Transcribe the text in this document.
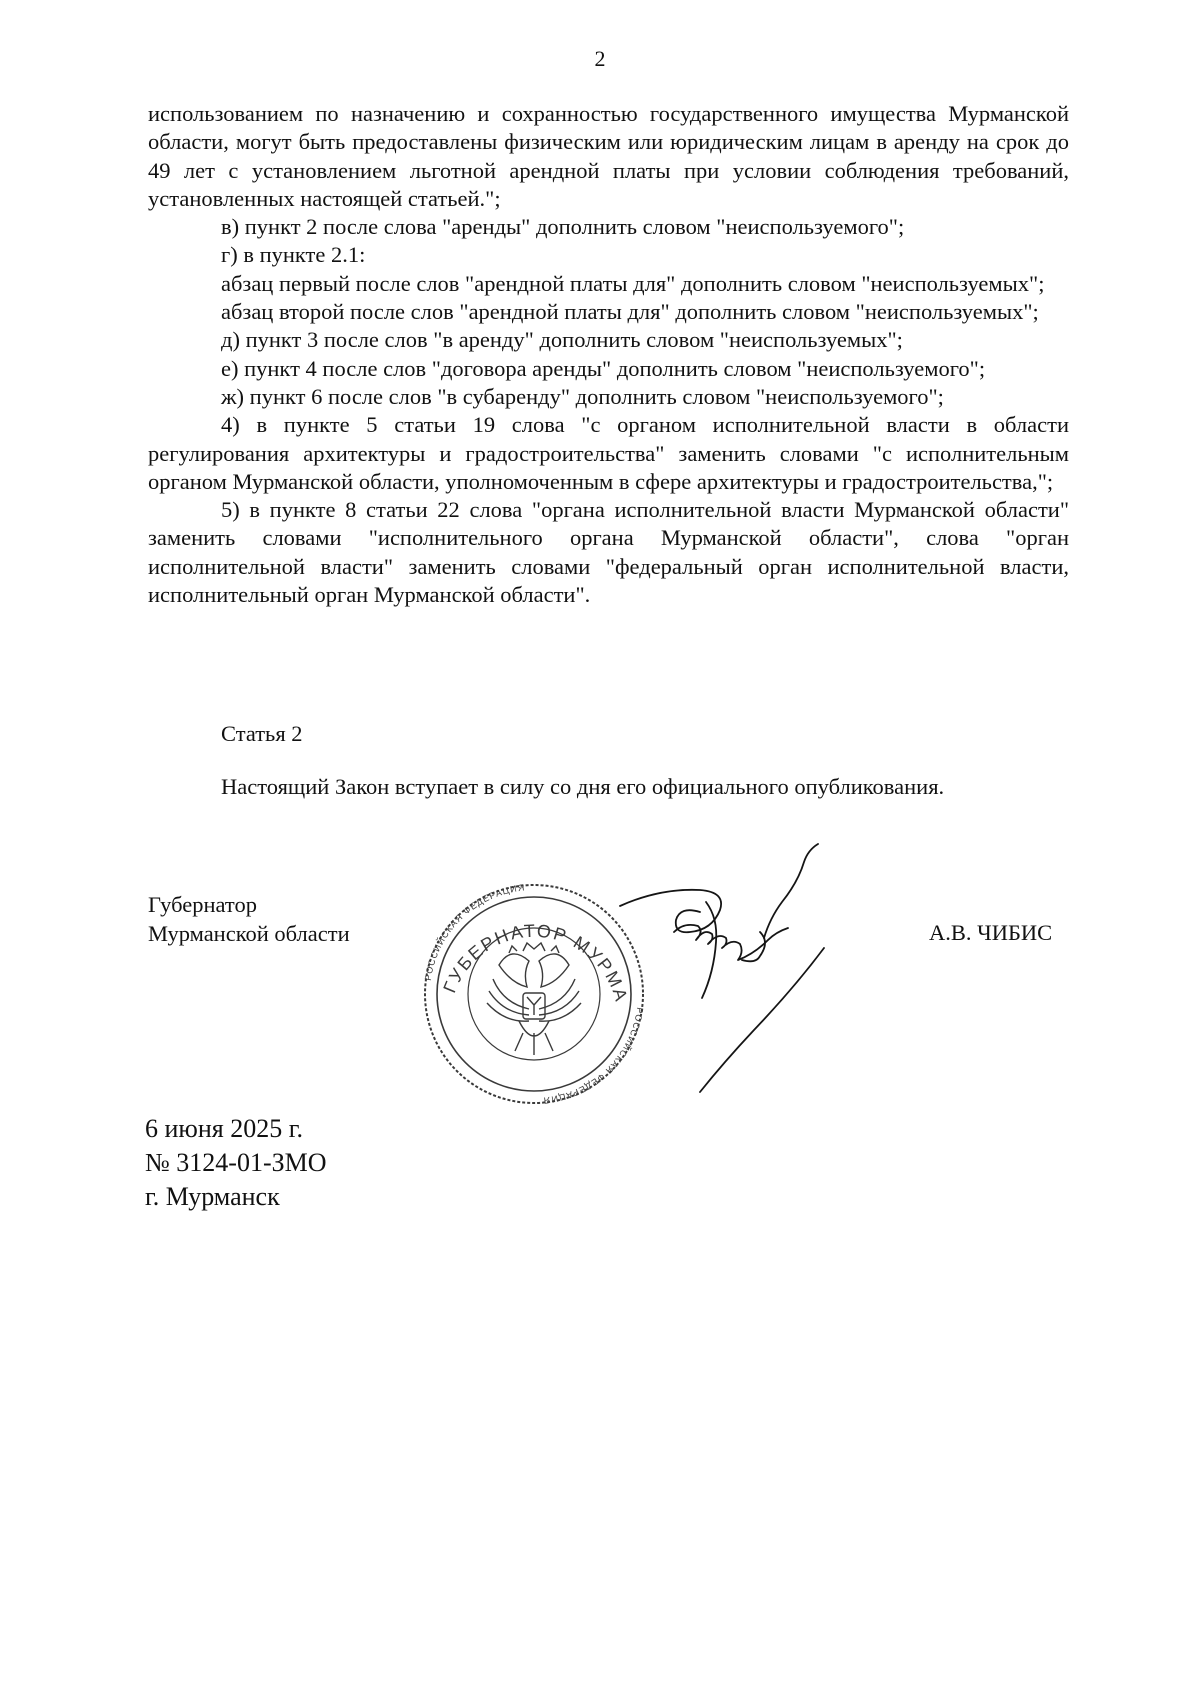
2

использованием по назначению и сохранностью государственного имущества Мурманской области, могут быть предоставлены физическим или юридическим лицам в аренду на срок до 49 лет с установлением льготной арендной платы при условии соблюдения требований, установленных настоящей статьей.";

в) пункт 2 после слова "аренды" дополнить словом "неиспользуемого";

г) в пункте 2.1:

абзац первый после слов "арендной платы для" дополнить словом "неиспользуемых";

абзац второй после слов "арендной платы для" дополнить словом "неиспользуемых";

д) пункт 3 после слов "в аренду" дополнить словом "неиспользуемых";

е) пункт 4 после слов "договора аренды" дополнить словом "неиспользуемого";

ж) пункт 6 после слов "в субаренду" дополнить словом "неиспользуемого";

4) в пункте 5 статьи 19 слова "с органом исполнительной власти в области регулирования архитектуры и градостроительства" заменить словами "с исполнительным органом Мурманской области, уполномоченным в сфере архитектуры и градостроительства,";

5) в пункте 8 статьи 22 слова "органа исполнительной власти Мурманской области" заменить словами "исполнительного органа Мурманской области", слова "орган исполнительной власти" заменить словами "федеральный орган исполнительной власти, исполнительный орган Мурманской области".

Статья 2
Настоящий Закон вступает в силу со дня его официального опубликования.
Губернатор
Мурманской области
РОССИЙСКАЯ ФЕДЕРАЦИЯ
РОССИЙСКАЯ ФЕДЕРАЦИЯ
ГУБЕРНАТОР МУРМА
А.В. ЧИБИС
6 июня 2025 г.
№ 3124-01-ЗМО
г. Мурманск
